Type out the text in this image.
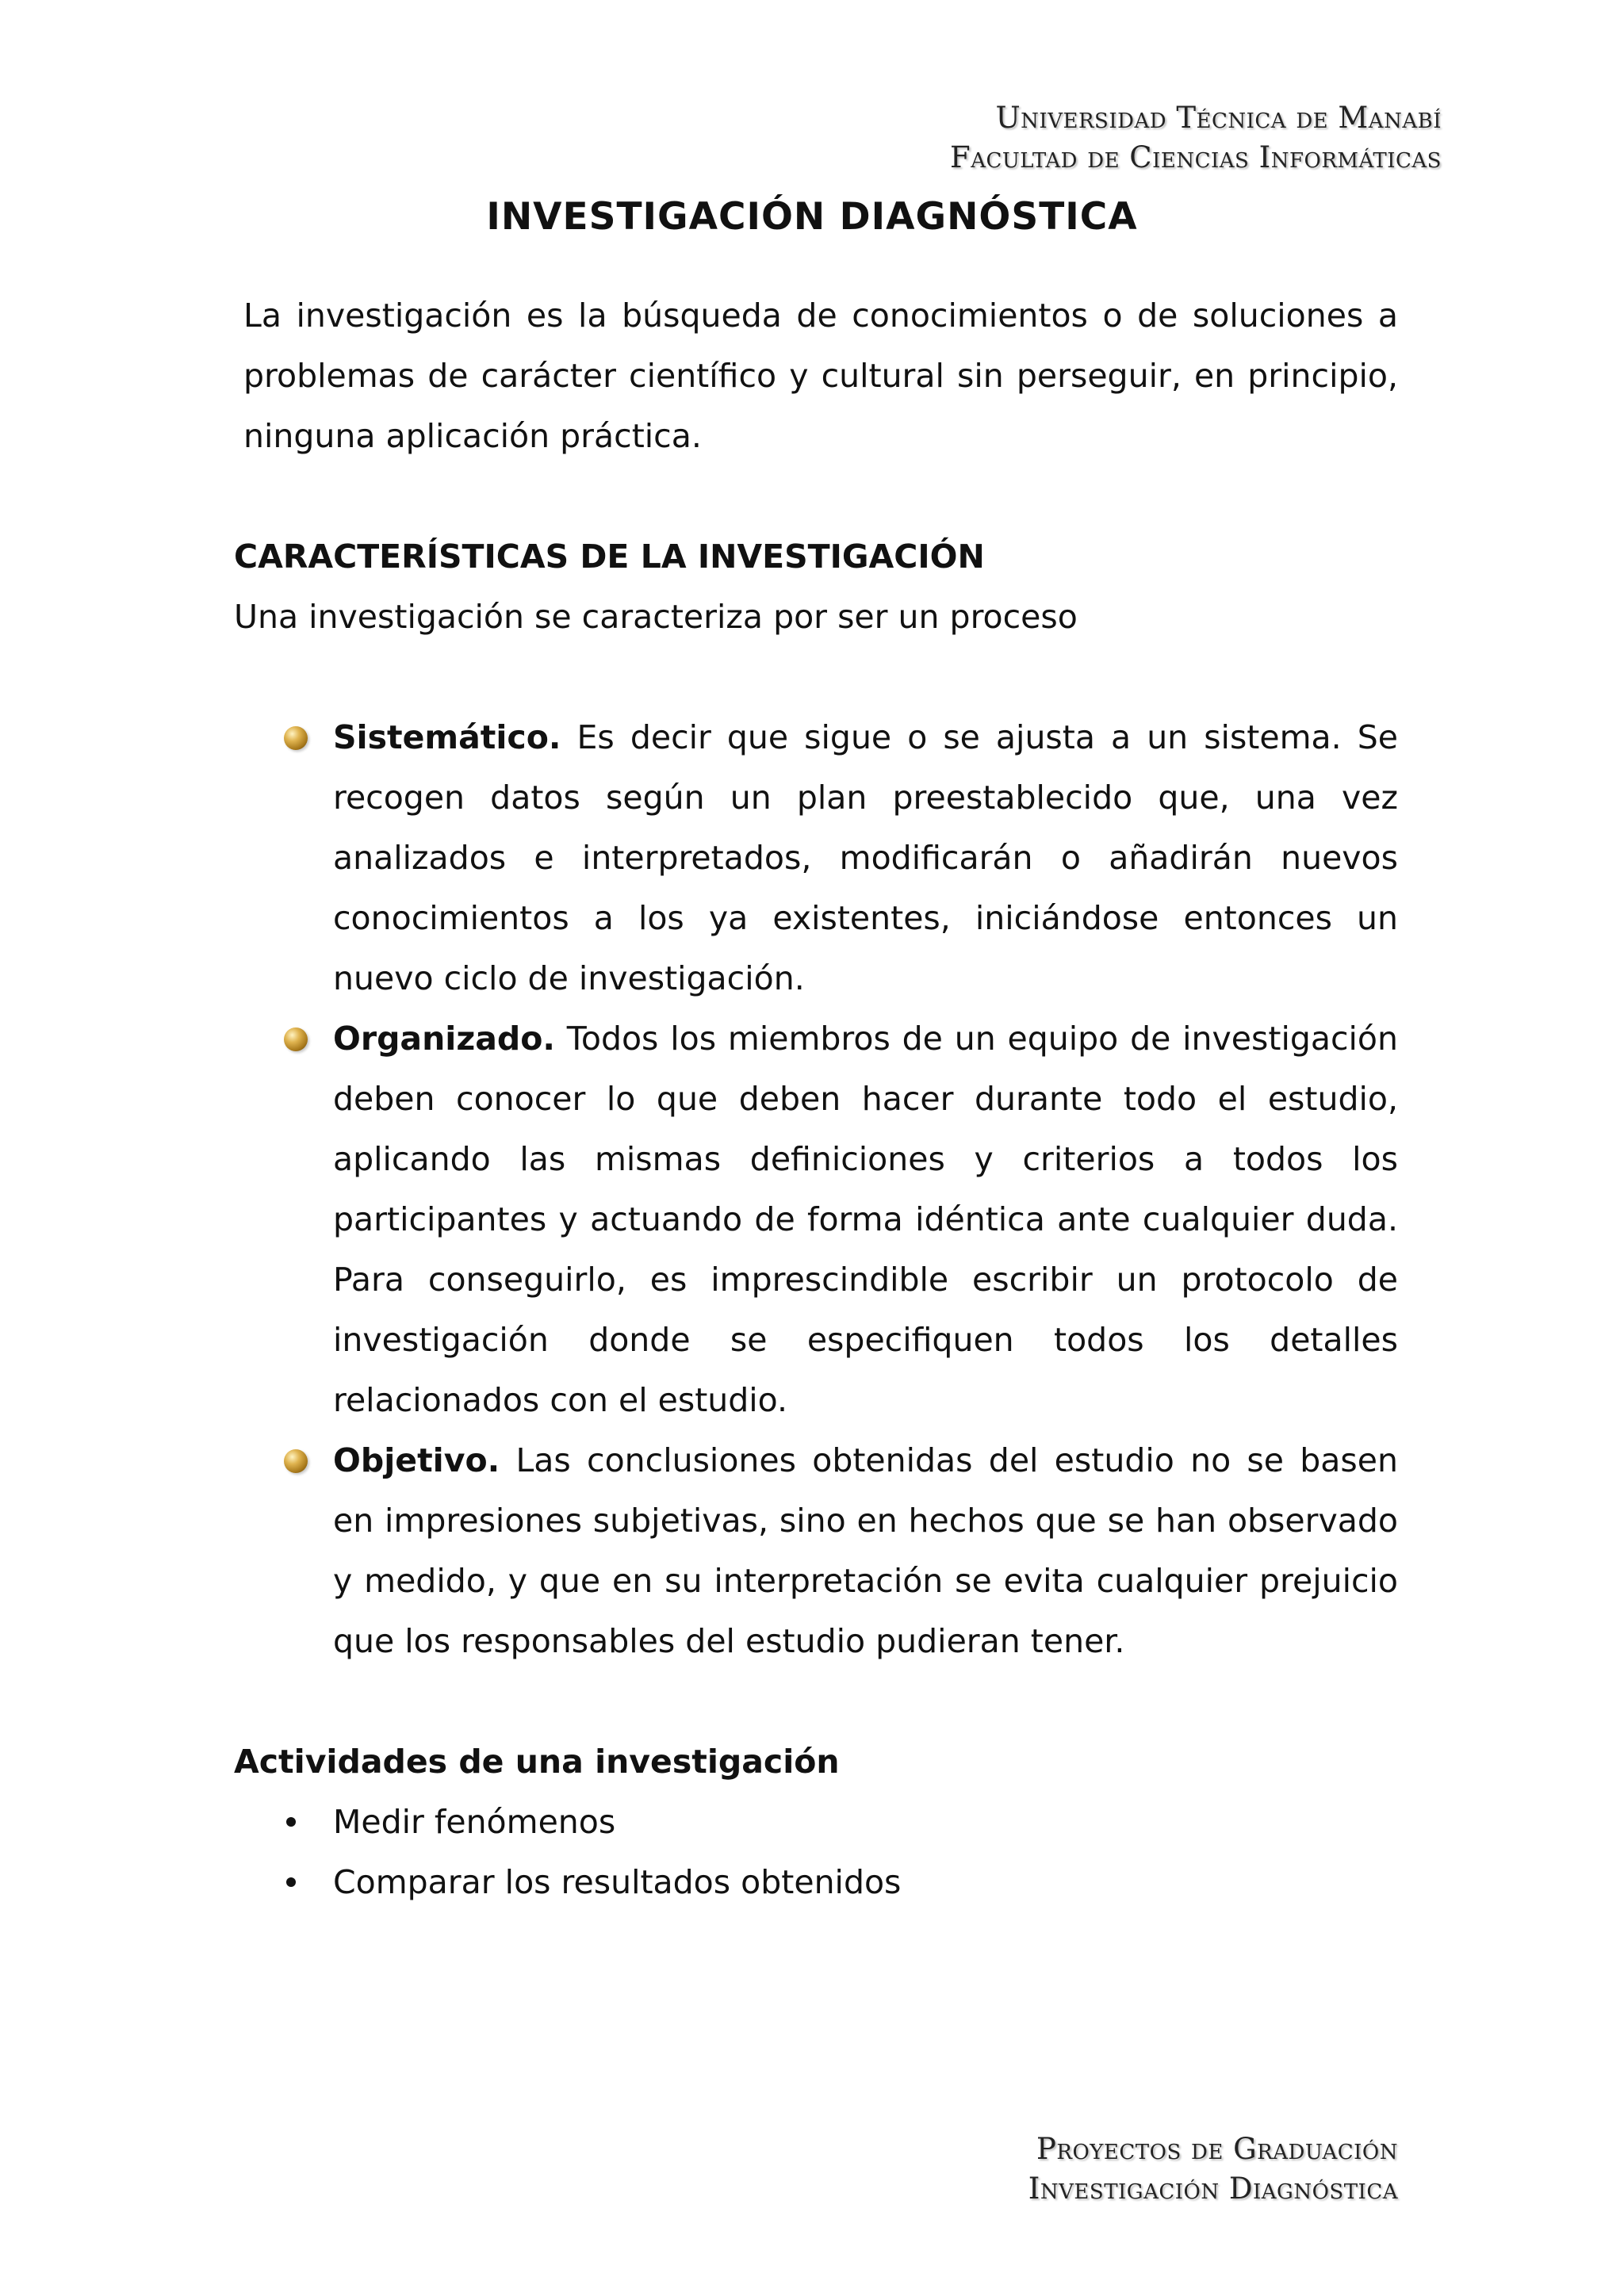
Universidad Técnica de Manabí
Facultad de Ciencias Informáticas
INVESTIGACIÓN DIAGNÓSTICA

La investigación es la búsqueda de conocimientos o de soluciones a problemas de carácter científico y cultural sin perseguir, en principio, ninguna aplicación práctica.

CARACTERÍSTICAS DE LA INVESTIGACIÓN

Una investigación se caracteriza por ser un proceso

Sistemático. Es decir que sigue o se ajusta a un sistema. Se recogen datos según un plan preestablecido que, una vez analizados e interpretados, modificarán o añadirán nuevos conocimientos a los ya existentes, iniciándose entonces un nuevo ciclo de investigación.
Organizado. Todos los miembros de un equipo de investigación deben conocer lo que deben hacer durante todo el estudio, aplicando las mismas definiciones y criterios a todos los participantes y actuando de forma idéntica ante cualquier duda. Para conseguirlo, es imprescindible escribir un protocolo de investigación donde se especifiquen todos los detalles relacionados con el estudio.
Objetivo. Las conclusiones obtenidas del estudio no se basen en impresiones subjetivas, sino en hechos que se han observado y medido, y que en su interpretación se evita cualquier prejuicio que los responsables del estudio pudieran tener.

Actividades de una investigación

Medir fenómenos
Comparar los resultados obtenidos
Proyectos de Graduación
Investigación Diagnóstica
